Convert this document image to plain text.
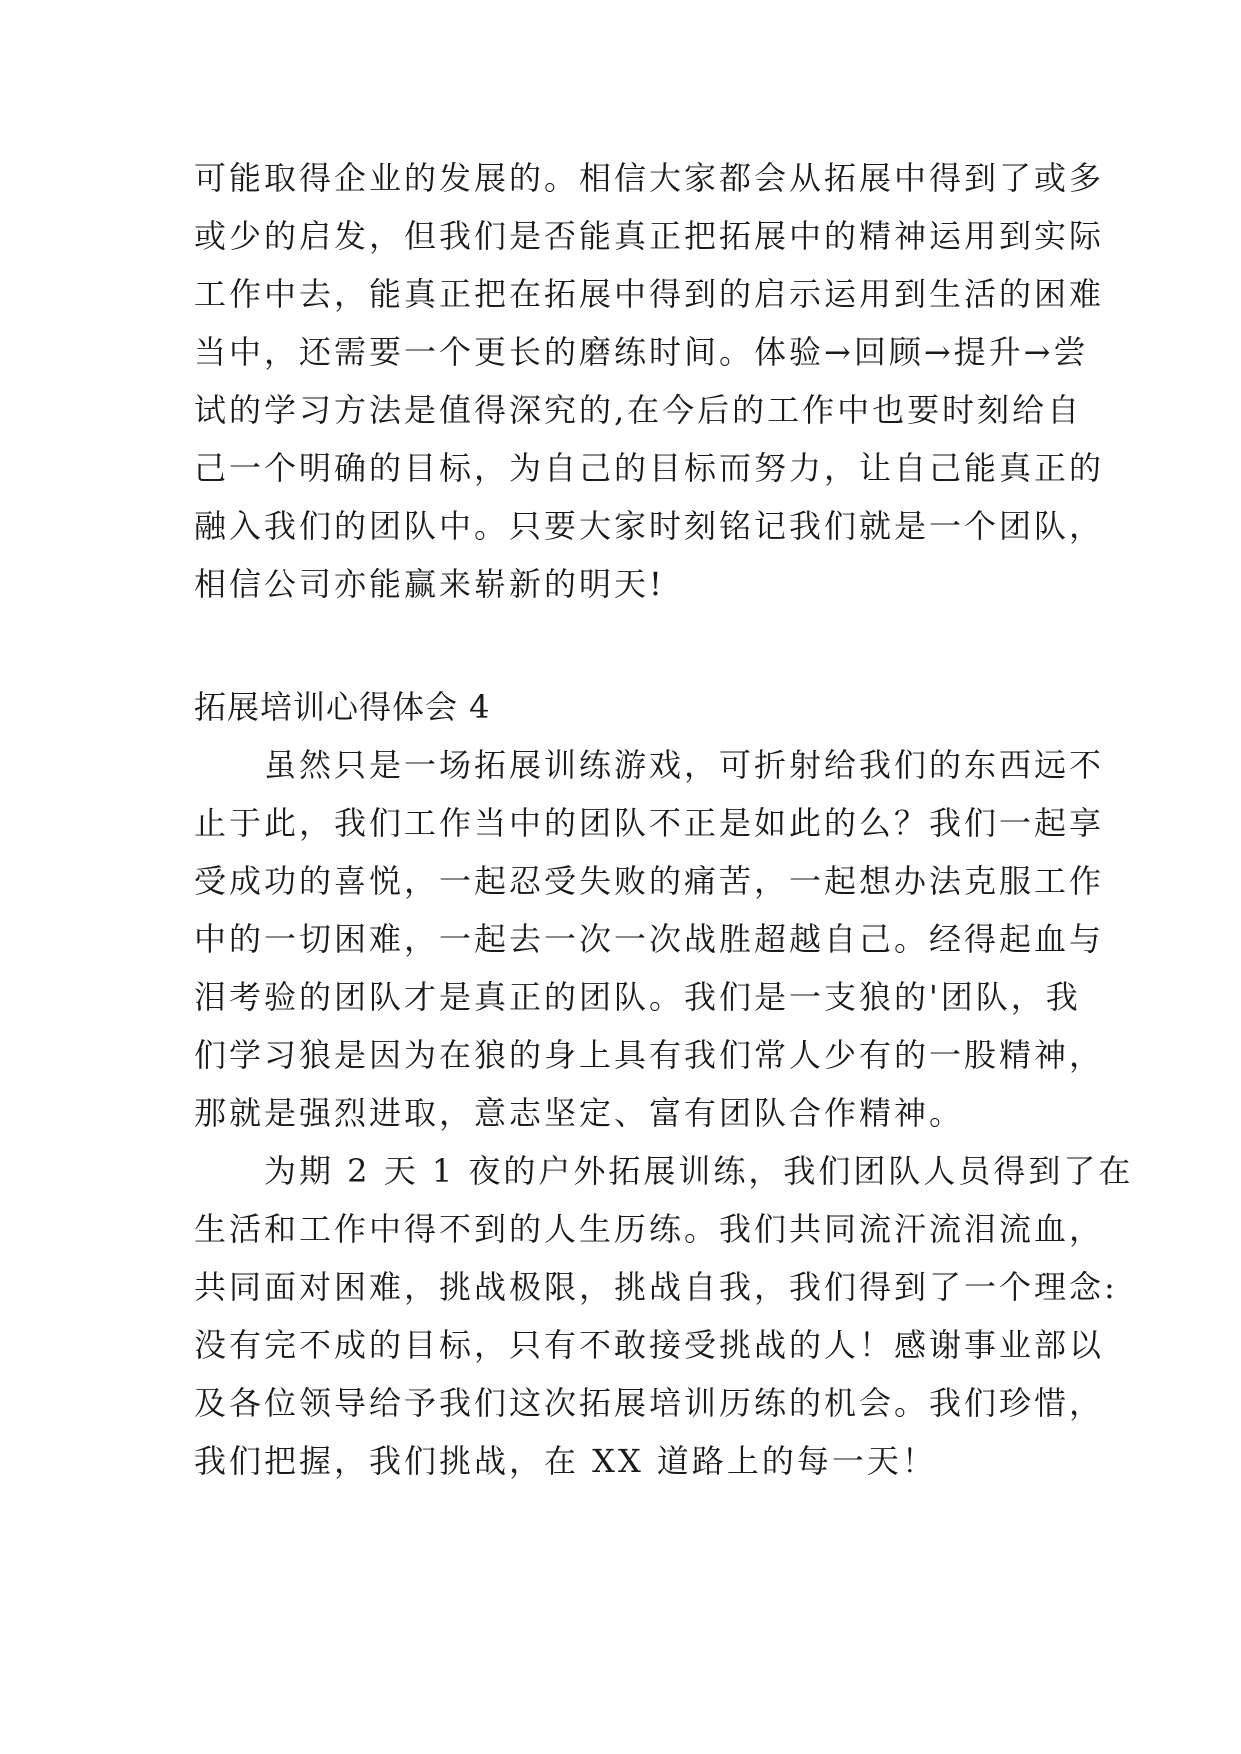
可能取得企业的发展的。相信大家都会从拓展中得到了或多
或少的启发，但我们是否能真正把拓展中的精神运用到实际
工作中去，能真正把在拓展中得到的启示运用到生活的困难
当中，还需要一个更长的磨练时间。体验→回顾→提升→尝
试的学习方法是值得深究的,在今后的工作中也要时刻给自
己一个明确的目标，为自己的目标而努力，让自己能真正的
融入我们的团队中。只要大家时刻铭记我们就是一个团队，
相信公司亦能赢来崭新的明天!
拓展培训心得体会 4
　　虽然只是一场拓展训练游戏，可折射给我们的东西远不
止于此，我们工作当中的团队不正是如此的么？我们一起享
受成功的喜悦，一起忍受失败的痛苦，一起想办法克服工作
中的一切困难，一起去一次一次战胜超越自己。经得起血与
泪考验的团队才是真正的团队。我们是一支狼的'团队，我
们学习狼是因为在狼的身上具有我们常人少有的一股精神，
那就是强烈进取，意志坚定、富有团队合作精神。
　　为期 2 天 1 夜的户外拓展训练，我们团队人员得到了在
生活和工作中得不到的人生历练。我们共同流汗流泪流血，
共同面对困难，挑战极限，挑战自我，我们得到了一个理念:
没有完不成的目标，只有不敢接受挑战的人！感谢事业部以
及各位领导给予我们这次拓展培训历练的机会。我们珍惜，
我们把握，我们挑战，在 XX 道路上的每一天！
